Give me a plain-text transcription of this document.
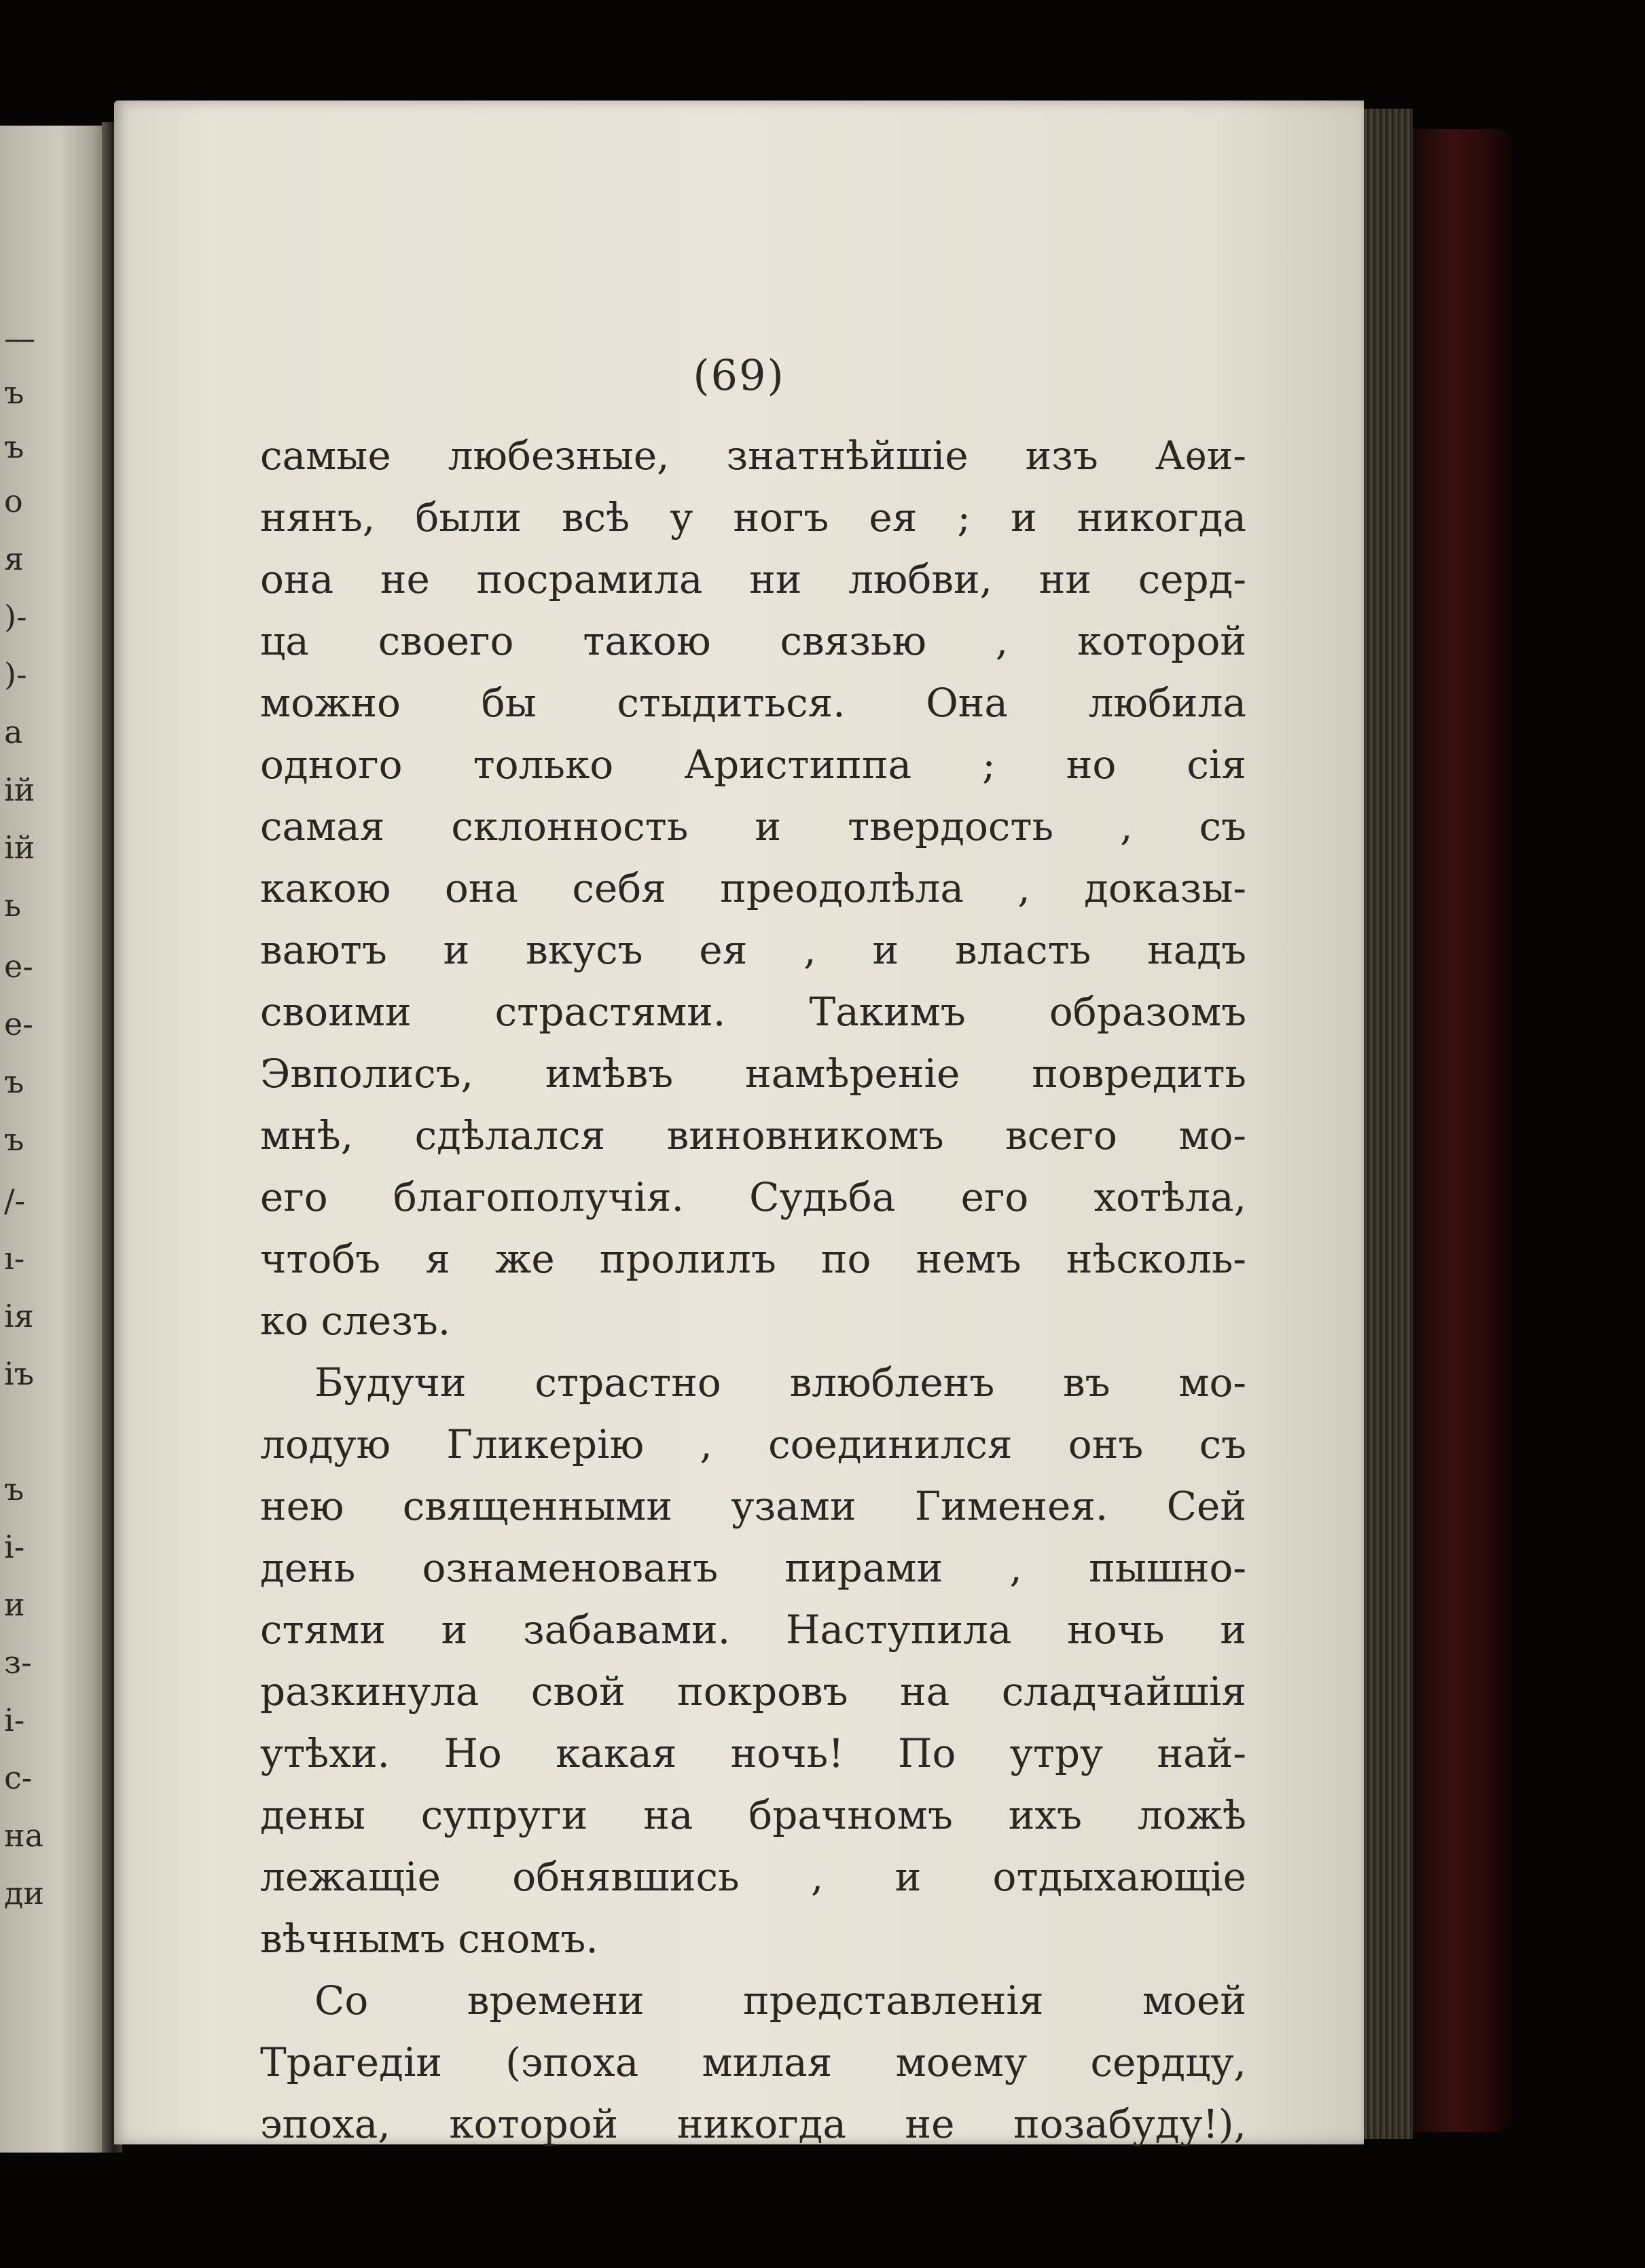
—
ъ
ъ
о
я
)-
)-
а
ій
ій
ь
е-
е-
ъ
ъ
/-
ı-
ія
іъ
ъ
і-
и
з-
і-
с-
на
ди
(69)
самые любезные, знатнѣйшіе изъ Аѳи-
нянъ, были всѣ у ногъ ея ; и никогда
она не посрамила ни любви, ни серд-
ца своего такою связью , которой
можно бы стыдиться. Она любила
одного только Аристиппа ; но сія
самая склонность и твердость , съ
какою она себя преодолѣла , доказы-
ваютъ и вкусъ ея , и власть надъ
своими страстями. Такимъ образомъ
Эвполисъ, имѣвъ намѣреніе повредить
мнѣ, сдѣлался виновникомъ всего мо-
его благополучія. Судьба его хотѣла,
чтобъ я же пролилъ по немъ нѣсколь-
ко слезъ.
Будучи страстно влюбленъ въ мо-
лодую Гликерію , соединился онъ съ
нею священными узами Гименея. Сей
день ознаменованъ пирами , пышно-
стями и забавами. Наступила ночь и
разкинула свой покровъ на сладчайшія
утѣхи. Но какая ночь! По утру най-
дены супруги на брачномъ ихъ ложѣ
лежащіе обнявшись , и отдыхающіе
вѣчнымъ сномъ.
Со времени представленія моей
Трагедіи (эпоха милая моему сердцу,
эпоха, которой никогда не позабуду!),
